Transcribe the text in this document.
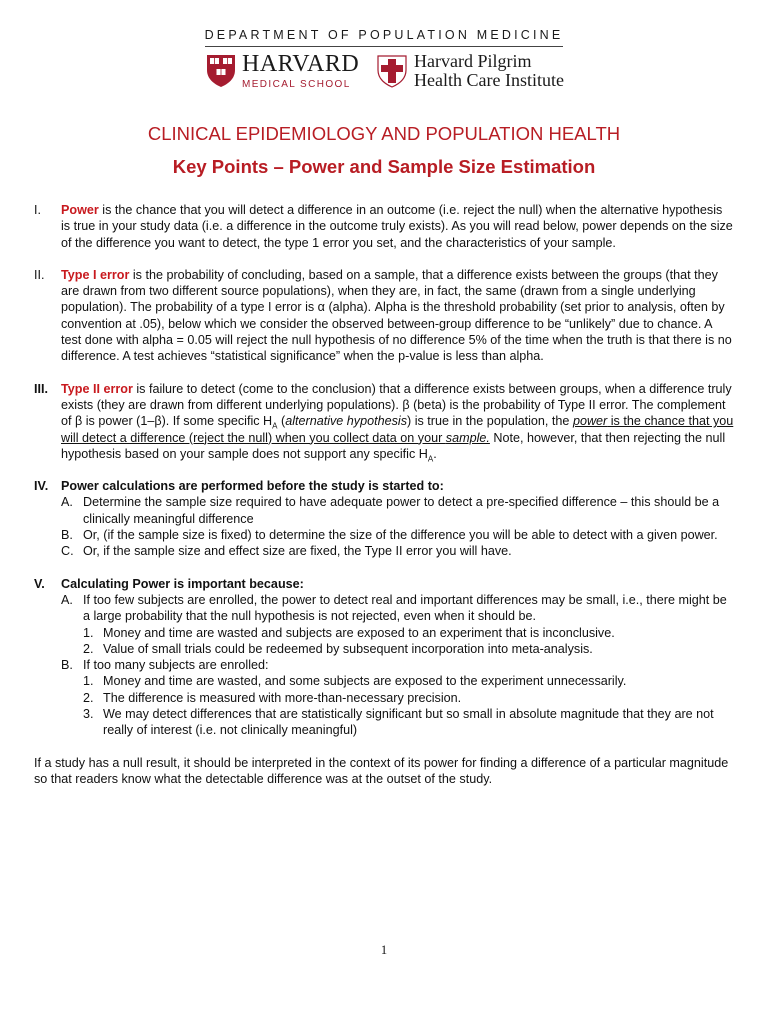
DEPARTMENT OF POPULATION MEDICINE
HARVARD
MEDICAL SCHOOL
Harvard Pilgrim
Health Care Institute
CLINICAL EPIDEMIOLOGY AND POPULATION HEALTH
Key Points – Power and Sample Size Estimation
I.	Power is the chance that you will detect a difference in an outcome (i.e. reject the null) when the alternative hypothesis is true in your study data (i.e. a difference in the outcome truly exists). As you will read below, power depends on the size of the difference you want to detect, the type 1 error you set, and the characteristics of your sample.
II.	Type I error is the probability of concluding, based on a sample, that a difference exists between the groups (that they are drawn from two different source populations), when they are, in fact, the same (drawn from a single underlying population). The probability of a type I error is α (alpha). Alpha is the threshold probability (set prior to analysis, often by convention at .05), below which we consider the observed between-group difference to be “unlikely” due to chance. A test done with alpha = 0.05 will reject the null hypothesis of no difference 5% of the time when the truth is that there is no difference. A test achieves “statistical significance” when the p-value is less than alpha.
III.	Type II error is failure to detect (come to the conclusion) that a difference exists between groups, when a difference truly exists (they are drawn from different underlying populations). β (beta) is the probability of Type II error. The complement of β is power (1–β). If some specific $H_A$ (alternative hypothesis) is true in the population, the power is the chance that you will detect a difference (reject the null) when you collect data on your sample. Note, however, that then rejecting the null hypothesis based on your sample does not support any specific $H_A$.
IV.	Power calculations are performed before the study is started to:
A. Determine the sample size required to have adequate power to detect a pre-specified difference – this should be a clinically meaningful difference
B. Or, (if the sample size is fixed) to determine the size of the difference you will be able to detect with a given power.
C. Or, if the sample size and effect size are fixed, the Type II error you will have.
V.	Calculating Power is important because:
A. If too few subjects are enrolled, the power to detect real and important differences may be small, i.e., there might be a large probability that the null hypothesis is not rejected, even when it should be.
1. Money and time are wasted and subjects are exposed to an experiment that is inconclusive.
2. Value of small trials could be redeemed by subsequent incorporation into meta-analysis.
B. If too many subjects are enrolled:
1. Money and time are wasted, and some subjects are exposed to the experiment unnecessarily.
2. The difference is measured with more-than-necessary precision.
3. We may detect differences that are statistically significant but so small in absolute magnitude that they are not really of interest (i.e. not clinically meaningful)
If a study has a null result, it should be interpreted in the context of its power for finding a difference of a particular magnitude so that readers know what the detectable difference was at the outset of the study.
1
